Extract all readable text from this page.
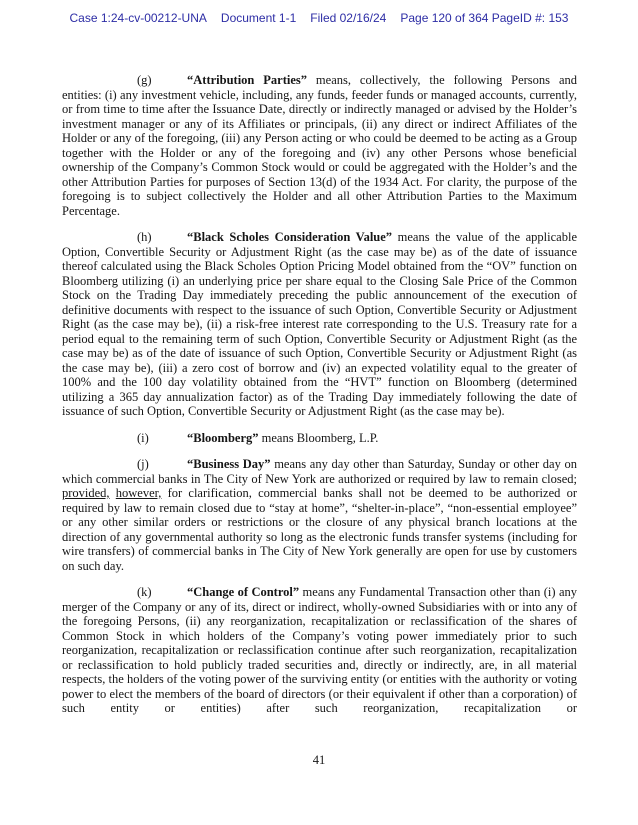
Case 1:24-cv-00212-UNA Document 1-1 Filed 02/16/24 Page 120 of 364 PageID #: 153

(g)	“Attribution Parties” means, collectively, the following Persons and entities: (i) any investment vehicle, including, any funds, feeder funds or managed accounts, currently, or from time to time after the Issuance Date, directly or indirectly managed or advised by the Holder’s investment manager or any of its Affiliates or principals, (ii) any direct or indirect Affiliates of the Holder or any of the foregoing, (iii) any Person acting or who could be deemed to be acting as a Group together with the Holder or any of the foregoing and (iv) any other Persons whose beneficial ownership of the Company’s Common Stock would or could be aggregated with the Holder’s and the other Attribution Parties for purposes of Section 13(d) of the 1934 Act. For clarity, the purpose of the foregoing is to subject collectively the Holder and all other Attribution Parties to the Maximum Percentage.

(h)	“Black Scholes Consideration Value” means the value of the applicable Option, Convertible Security or Adjustment Right (as the case may be) as of the date of issuance thereof calculated using the Black Scholes Option Pricing Model obtained from the “OV” function on Bloomberg utilizing (i) an underlying price per share equal to the Closing Sale Price of the Common Stock on the Trading Day immediately preceding the public announcement of the execution of definitive documents with respect to the issuance of such Option, Convertible Security or Adjustment Right (as the case may be), (ii) a risk-free interest rate corresponding to the U.S. Treasury rate for a period equal to the remaining term of such Option, Convertible Security or Adjustment Right (as the case may be) as of the date of issuance of such Option, Convertible Security or Adjustment Right (as the case may be), (iii) a zero cost of borrow and (iv) an expected volatility equal to the greater of 100% and the 100 day volatility obtained from the “HVT” function on Bloomberg (determined utilizing a 365 day annualization factor) as of the Trading Day immediately following the date of issuance of such Option, Convertible Security or Adjustment Right (as the case may be).

(i)	“Bloomberg” means Bloomberg, L.P.

(j)	“Business Day” means any day other than Saturday, Sunday or other day on which commercial banks in The City of New York are authorized or required by law to remain closed; provided, however, for clarification, commercial banks shall not be deemed to be authorized or required by law to remain closed due to “stay at home”, “shelter-in-place”, “non-essential employee” or any other similar orders or restrictions or the closure of any physical branch locations at the direction of any governmental authority so long as the electronic funds transfer systems (including for wire transfers) of commercial banks in The City of New York generally are open for use by customers on such day.

(k)	“Change of Control” means any Fundamental Transaction other than (i) any merger of the Company or any of its, direct or indirect, wholly-owned Subsidiaries with or into any of the foregoing Persons, (ii) any reorganization, recapitalization or reclassification of the shares of Common Stock in which holders of the Company’s voting power immediately prior to such reorganization, recapitalization or reclassification continue after such reorganization, recapitalization or reclassification to hold publicly traded securities and, directly or indirectly, are, in all material respects, the holders of the voting power of the surviving entity (or entities with the authority or voting power to elect the members of the board of directors (or their equivalent if other than a corporation) of such entity or entities) after such reorganization, recapitalization or

41
